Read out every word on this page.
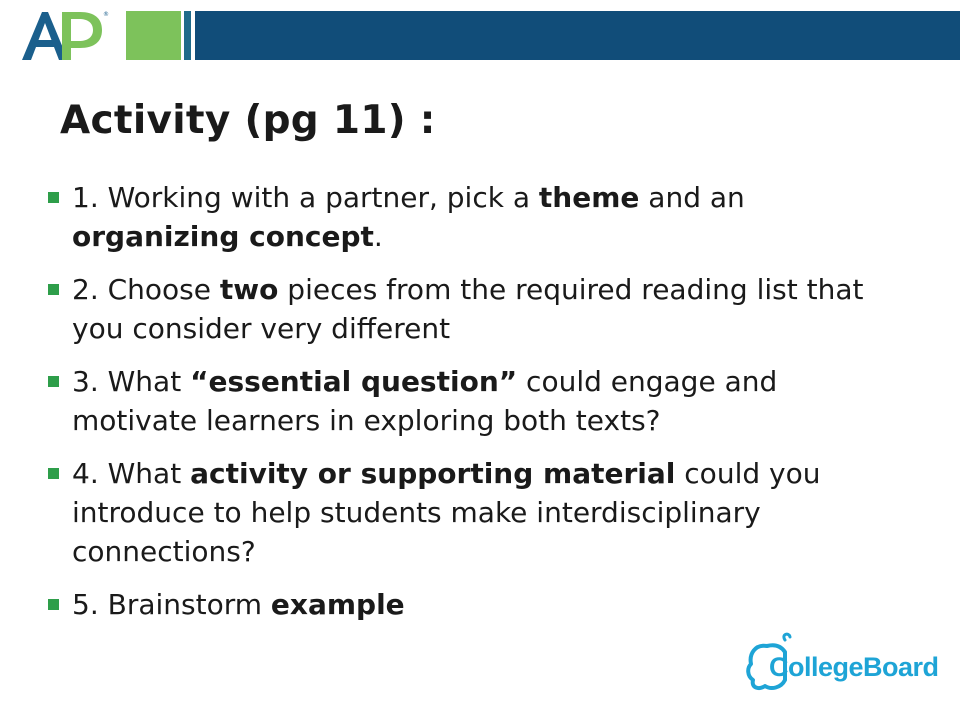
®
Activity (pg 11) :
1. Working with a partner, pick a theme and an organizing concept.
2. Choose two pieces from the required reading list that you consider very different
3. What “essential question” could engage and motivate learners in exploring both texts?
4. What activity or supporting material could you introduce to help students make interdisciplinary connections?
5. Brainstorm example
CollegeBoard
